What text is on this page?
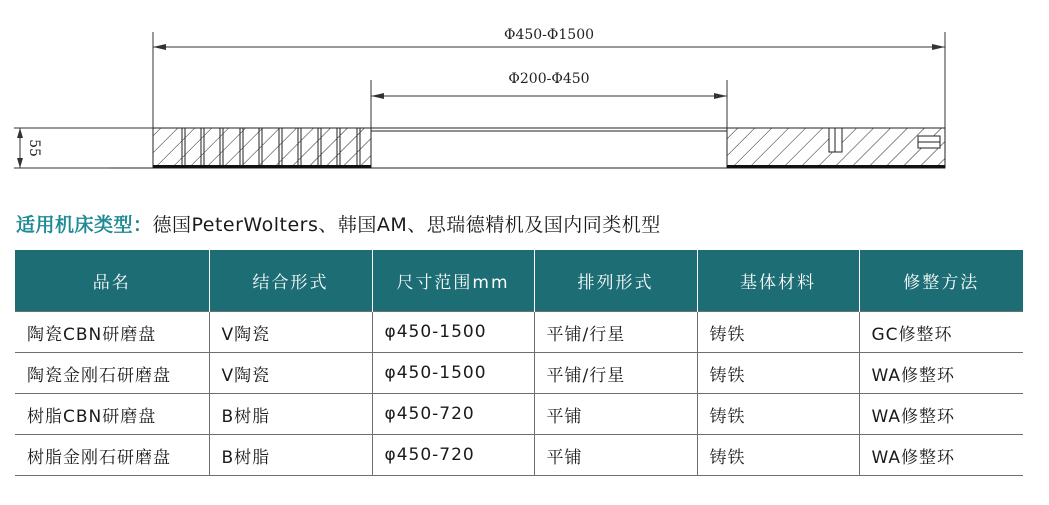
Φ450-Φ1500
Φ200-Φ450
55
适用机床类型：德国PeterWolters、韩国AM、思瑞德精机及国内同类机型
品名	结合形式	尺寸范围mm	排列形式	基体材料	修整方法
陶瓷CBN研磨盘	V陶瓷	φ450-1500	平铺/行星	铸铁	GC修整环
陶瓷金刚石研磨盘	V陶瓷	φ450-1500	平铺/行星	铸铁	WA修整环
树脂CBN研磨盘	B树脂	φ450-720	平铺	铸铁	WA修整环
树脂金刚石研磨盘	B树脂	φ450-720	平铺	铸铁	WA修整环
